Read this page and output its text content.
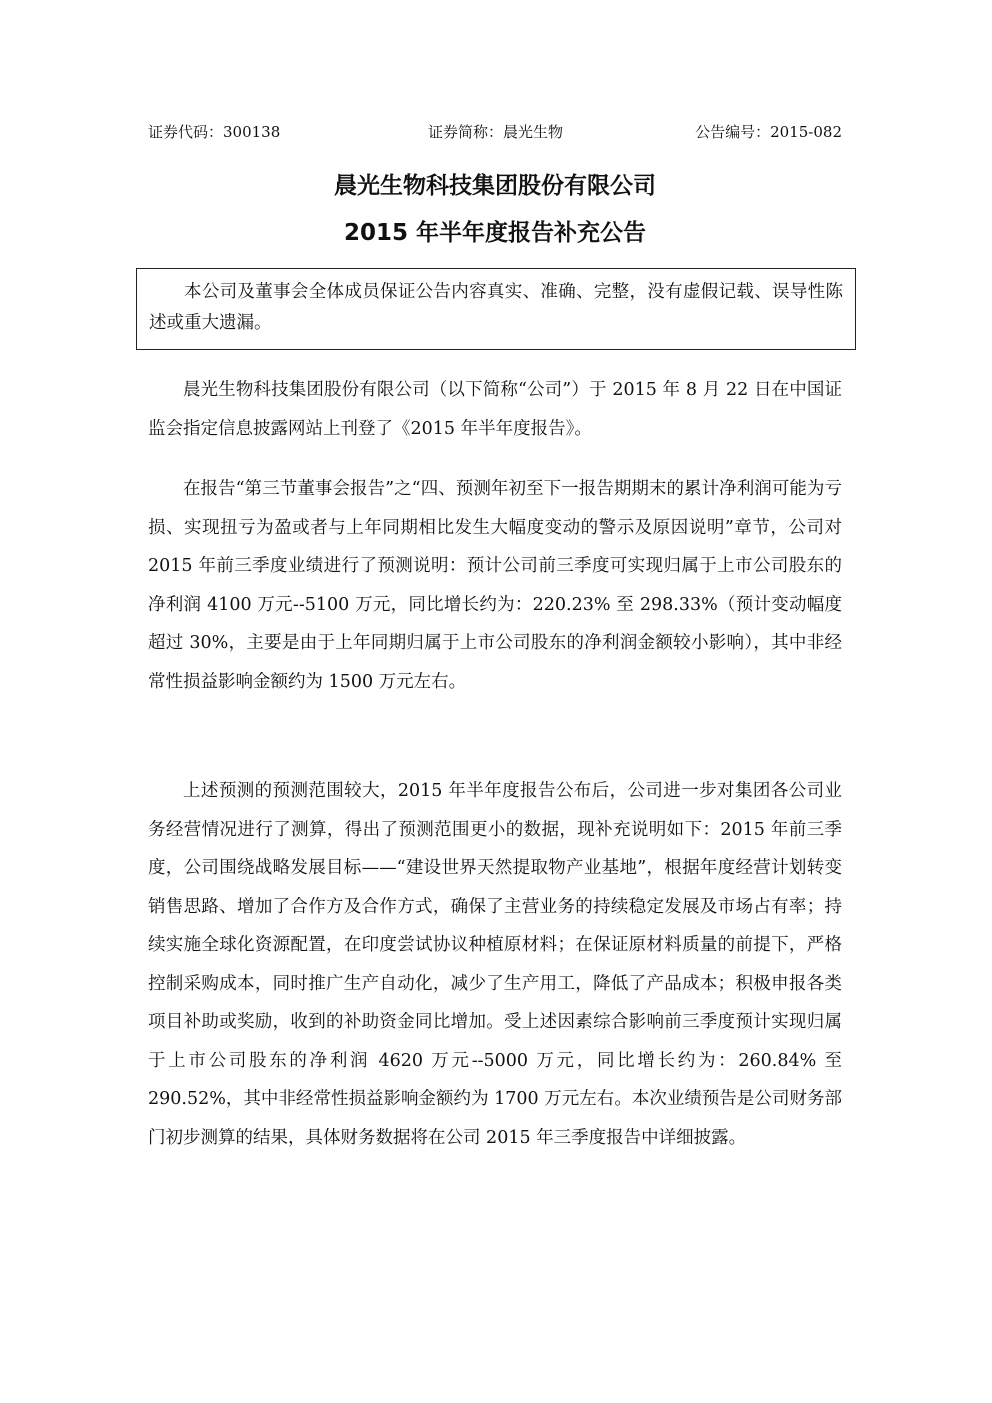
证券代码：300138	证券简称：晨光生物	公告编号：2015-082
晨光生物科技集团股份有限公司
2015 年半年度报告补充公告

本公司及董事会全体成员保证公告内容真实、准确、完整，没有虚假记载、误导性陈述或重大遗漏。

晨光生物科技集团股份有限公司（以下简称“公司”）于 2015 年 8 月 22 日在中国证监会指定信息披露网站上刊登了《2015 年半年度报告》。

在报告“第三节董事会报告”之“四、预测年初至下一报告期期末的累计净利润可能为亏损、实现扭亏为盈或者与上年同期相比发生大幅度变动的警示及原因说明”章节，公司对 2015 年前三季度业绩进行了预测说明：预计公司前三季度可实现归属于上市公司股东的净利润 4100 万元--5100 万元，同比增长约为：220.23% 至 298.33%（预计变动幅度超过 30%，主要是由于上年同期归属于上市公司股东的净利润金额较小影响），其中非经常性损益影响金额约为 1500 万元左右。

上述预测的预测范围较大，2015 年半年度报告公布后，公司进一步对集团各公司业务经营情况进行了测算，得出了预测范围更小的数据，现补充说明如下：2015 年前三季度，公司围绕战略发展目标——“建设世界天然提取物产业基地”，根据年度经营计划转变销售思路、增加了合作方及合作方式，确保了主营业务的持续稳定发展及市场占有率；持续实施全球化资源配置，在印度尝试协议种植原材料；在保证原材料质量的前提下，严格控制采购成本，同时推广生产自动化，减少了生产用工，降低了产品成本；积极申报各类项目补助或奖励，收到的补助资金同比增加。受上述因素综合影响前三季度预计实现归属于上市公司股东的净利润 4620 万元--5000 万元，同比增长约为：260.84% 至 290.52%，其中非经常性损益影响金额约为 1700 万元左右。本次业绩预告是公司财务部门初步测算的结果，具体财务数据将在公司 2015 年三季度报告中详细披露。
